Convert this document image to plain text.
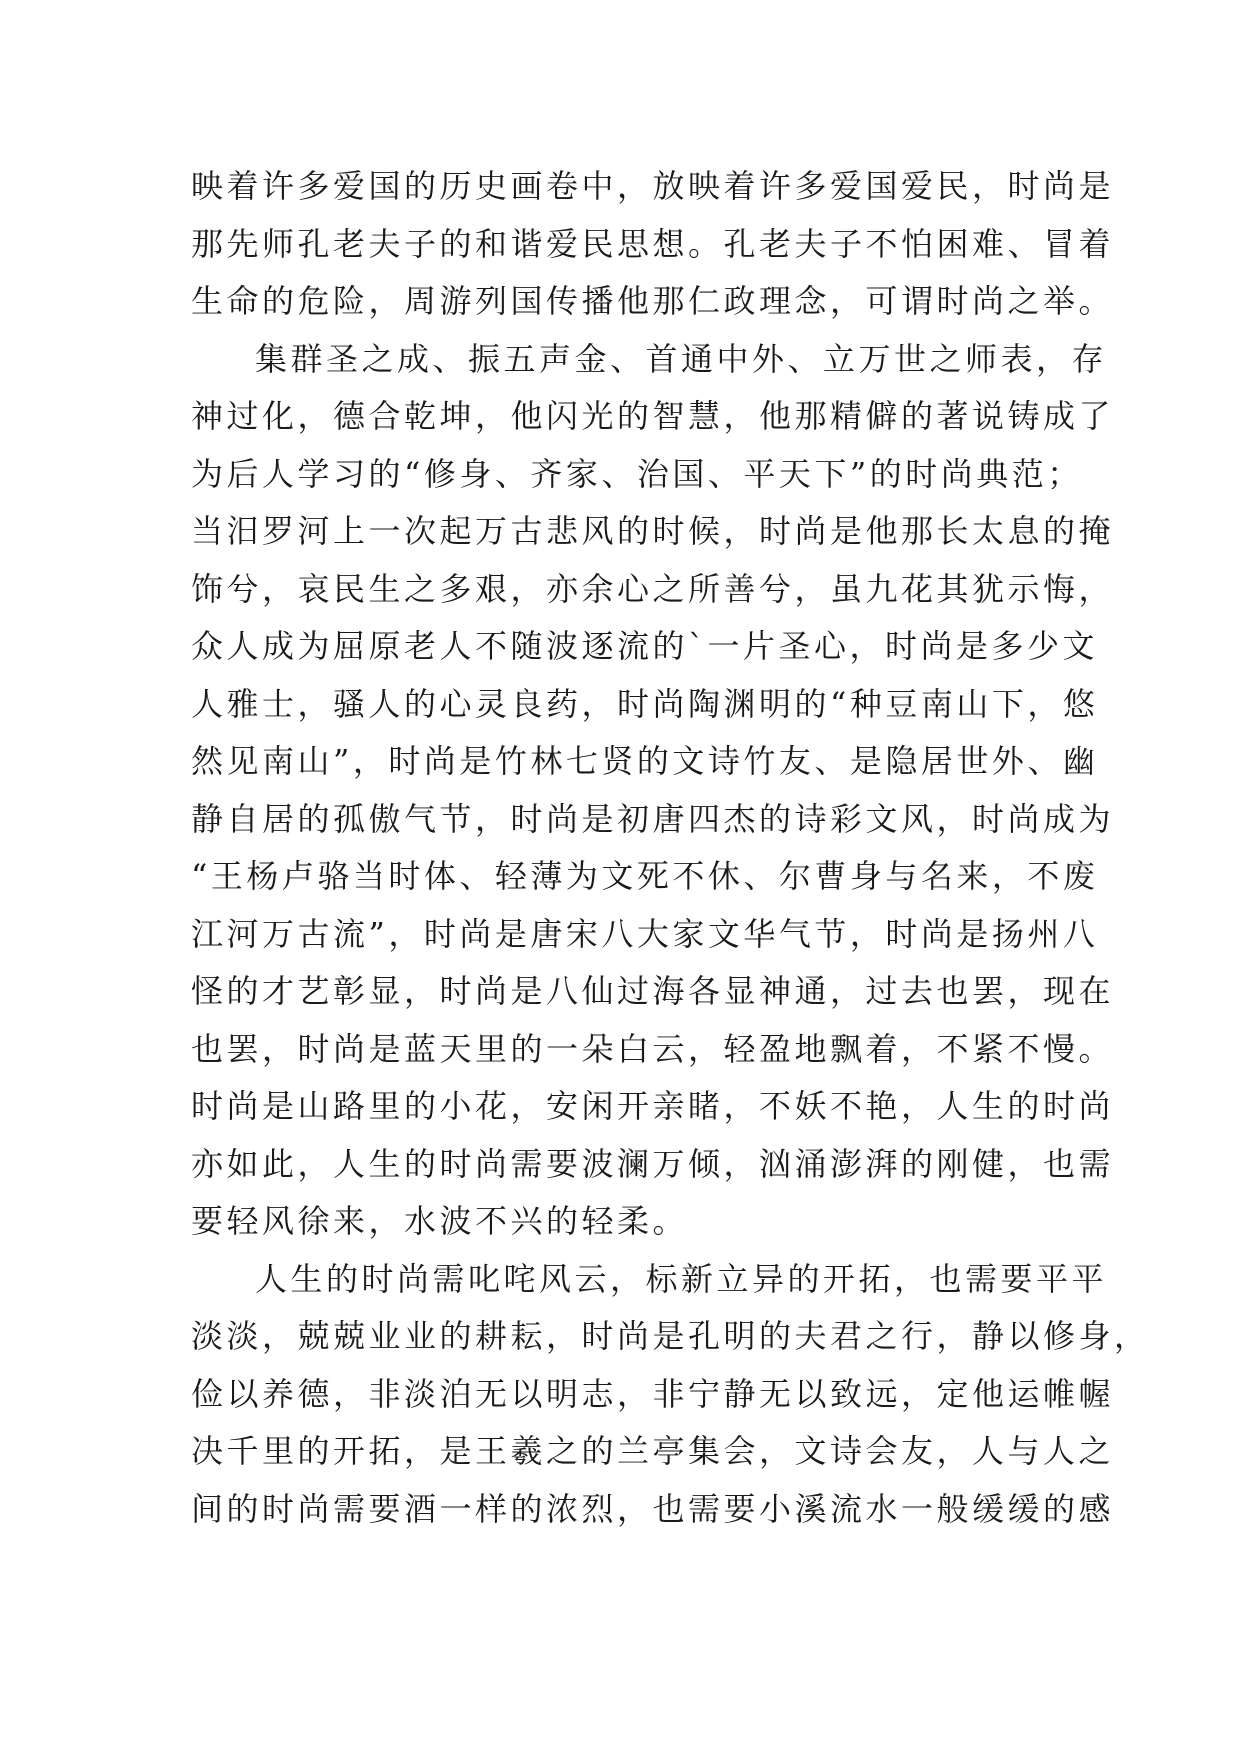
映着许多爱国的历史画卷中，放映着许多爱国爱民，时尚是
那先师孔老夫子的和谐爱民思想。孔老夫子不怕困难、冒着
生命的危险，周游列国传播他那仁政理念，可谓时尚之举。
集群圣之成、振五声金、首通中外、立万世之师表，存
神过化，德合乾坤，他闪光的智慧，他那精僻的著说铸成了
为后人学习的“修身、齐家、治国、平天下”的时尚典范；
当汨罗河上一次起万古悲风的时候，时尚是他那长太息的掩
饰兮，哀民生之多艰，亦余心之所善兮，虽九花其犹示悔，
众人成为屈原老人不随波逐流的`一片圣心，时尚是多少文
人雅士，骚人的心灵良药，时尚陶渊明的“种豆南山下，悠
然见南山”，时尚是竹林七贤的文诗竹友、是隐居世外、幽
静自居的孤傲气节，时尚是初唐四杰的诗彩文风，时尚成为
“王杨卢骆当时体、轻薄为文死不休、尔曹身与名来，不废
江河万古流”，时尚是唐宋八大家文华气节，时尚是扬州八
怪的才艺彰显，时尚是八仙过海各显神通，过去也罢，现在
也罢，时尚是蓝天里的一朵白云，轻盈地飘着，不紧不慢。
时尚是山路里的小花，安闲开亲睹，不妖不艳，人生的时尚
亦如此，人生的时尚需要波澜万倾，汹涌澎湃的刚健，也需
要轻风徐来，水波不兴的轻柔。
人生的时尚需叱咤风云，标新立异的开拓，也需要平平
淡淡，兢兢业业的耕耘，时尚是孔明的夫君之行，静以修身，
俭以养德，非淡泊无以明志，非宁静无以致远，定他运帷幄
决千里的开拓，是王羲之的兰亭集会，文诗会友，人与人之
间的时尚需要酒一样的浓烈，也需要小溪流水一般缓缓的感
